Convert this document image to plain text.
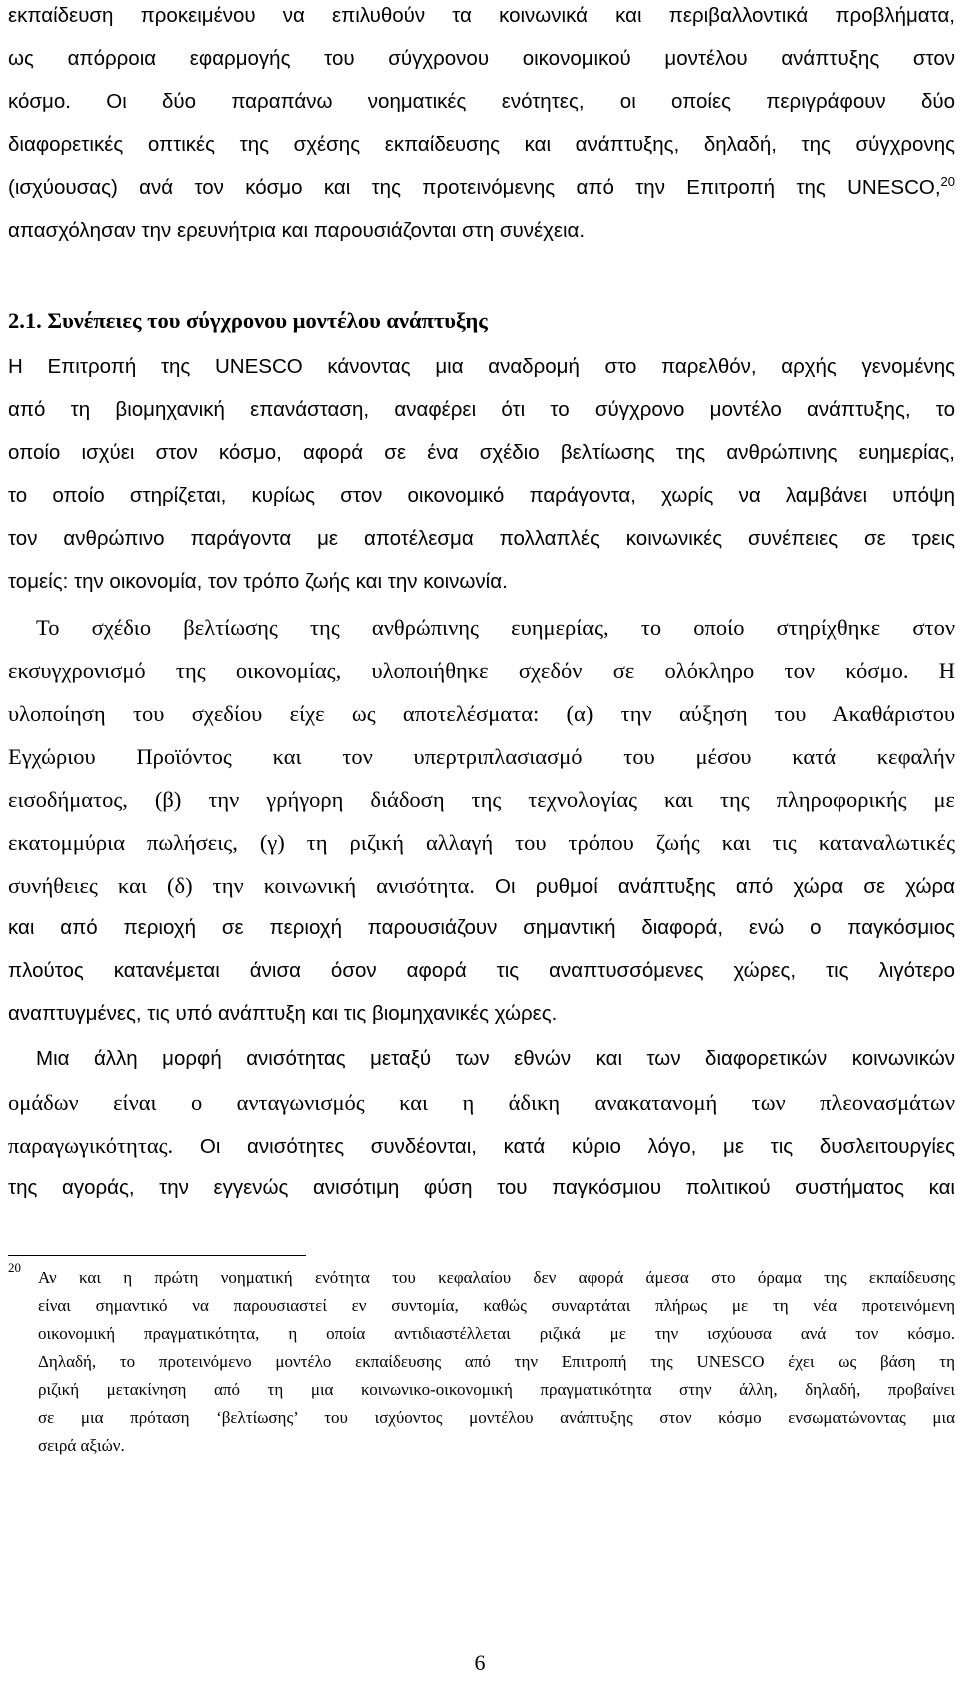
εκπαίδευση προκειμένου να επιλυθούν τα κοινωνικά και περιβαλλοντικά προβλήματα,

ως απόρροια εφαρμογής του σύγχρονου οικονομικού μοντέλου ανάπτυξης στον

κόσμο. Οι δύο παραπάνω νοηματικές ενότητες, οι οποίες περιγράφουν δύο

διαφορετικές οπτικές της σχέσης εκπαίδευσης και ανάπτυξης, δηλαδή, της σύγχρονης

(ισχύουσας) ανά τον κόσμο και της προτεινόμενης από την Επιτροπή της UNESCO,$^{20}$

απασχόλησαν την ερευνήτρια και παρουσιάζονται στη συνέχεια.

2.1. Συνέπειες του σύγχρονου μοντέλου ανάπτυξης

Η Επιτροπή της UNESCO κάνοντας μια αναδρομή στο παρελθόν, αρχής γενομένης

από τη βιομηχανική επανάσταση, αναφέρει ότι το σύγχρονο μοντέλο ανάπτυξης, το

οποίο ισχύει στον κόσμο, αφορά σε ένα σχέδιο βελτίωσης της ανθρώπινης ευημερίας,

το οποίο στηρίζεται, κυρίως στον οικονομικό παράγοντα, χωρίς να λαμβάνει υπόψη

τον ανθρώπινο παράγοντα με αποτέλεσμα πολλαπλές κοινωνικές συνέπειες σε τρεις

τομείς: την οικονομία, τον τρόπο ζωής και την κοινωνία.

Το σχέδιο βελτίωσης της ανθρώπινης ευημερίας, το οποίο στηρίχθηκε στον

εκσυγχρονισμό της οικονομίας, υλοποιήθηκε σχεδόν σε ολόκληρο τον κόσμο. Η

υλοποίηση του σχεδίου είχε ως αποτελέσματα: (α) την αύξηση του Ακαθάριστου

Εγχώριου Προϊόντος και τον υπερτριπλασιασμό του μέσου κατά κεφαλήν

εισοδήματος, (β) την γρήγορη διάδοση της τεχνολογίας και της πληροφορικής με

εκατομμύρια πωλήσεις, (γ) τη ριζική αλλαγή του τρόπου ζωής και τις καταναλωτικές

συνήθειες και (δ) την κοινωνική ανισότητα. Οι ρυθμοί ανάπτυξης από χώρα σε χώρα

και από περιοχή σε περιοχή παρουσιάζουν σημαντική διαφορά, ενώ ο παγκόσμιος

πλούτος κατανέμεται άνισα όσον αφορά τις αναπτυσσόμενες χώρες, τις λιγότερο

αναπτυγμένες, τις υπό ανάπτυξη και τις βιομηχανικές χώρες.

Μια άλλη μορφή ανισότητας μεταξύ των εθνών και των διαφορετικών κοινωνικών

ομάδων είναι ο ανταγωνισμός και η άδικη ανακατανομή των πλεονασμάτων

παραγωγικότητας. Οι ανισότητες συνδέονται, κατά κύριο λόγο, με τις δυσλειτουργίες

της αγοράς, την εγγενώς ανισότιμη φύση του παγκόσμιου πολιτικού συστήματος και

20

Αν και η πρώτη νοηματική ενότητα του κεφαλαίου δεν αφορά άμεσα στο όραμα της εκπαίδευσης

είναι σημαντικό να παρουσιαστεί εν συντομία, καθώς συναρτάται πλήρως με τη νέα προτεινόμενη

οικονομική πραγματικότητα, η οποία αντιδιαστέλλεται ριζικά με την ισχύουσα ανά τον κόσμο.

Δηλαδή, το προτεινόμενο μοντέλο εκπαίδευσης από την Επιτροπή της UNESCO έχει ως βάση τη

ριζική μετακίνηση από τη μια κοινωνικο-οικονομική πραγματικότητα στην άλλη, δηλαδή, προβαίνει

σε μια πρόταση ‘βελτίωσης’ του ισχύοντος μοντέλου ανάπτυξης στον κόσμο ενσωματώνοντας μια

σειρά αξιών.

6
